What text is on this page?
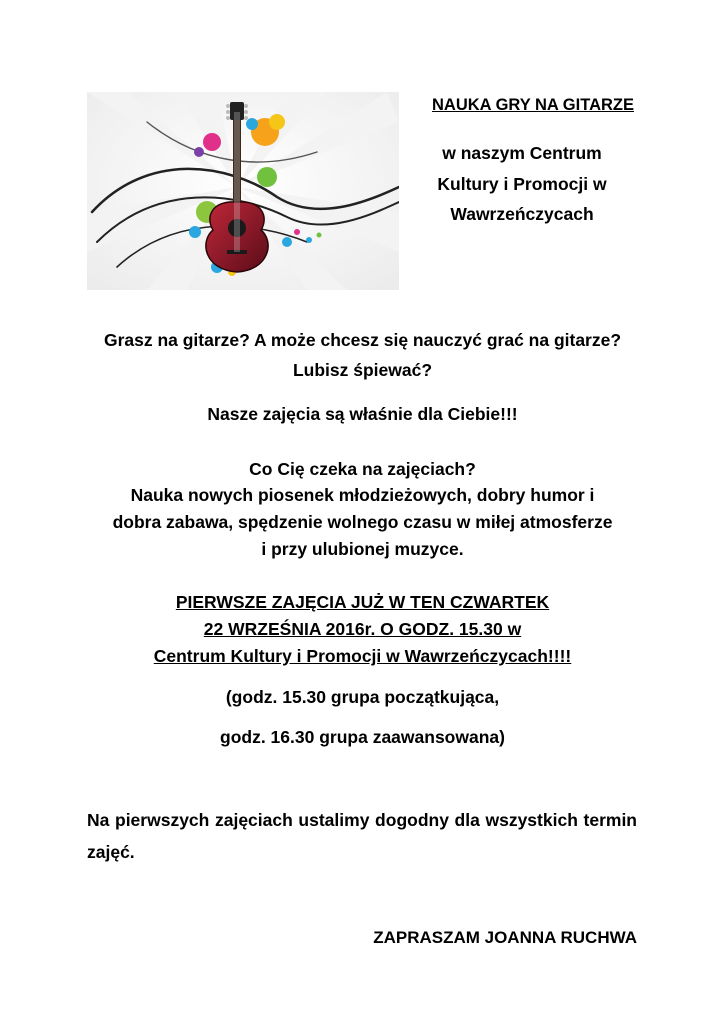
NAUKA GRY NA GITARZE
w naszym Centrum
Kultury i Promocji w
Wawrzeńczycach
Grasz na gitarze? A może chcesz się nauczyć grać na gitarze?
Lubisz śpiewać?
Nasze zajęcia są właśnie dla Ciebie!!!
Co Cię czeka na zajęciach?
Nauka nowych piosenek młodzieżowych, dobry humor i
dobra zabawa, spędzenie wolnego czasu w miłej atmosferze
i przy ulubionej muzyce.
PIERWSZE ZAJĘCIA JUŻ W TEN CZWARTEK
22 WRZEŚNIA 2016r. O GODZ. 15.30 w
Centrum Kultury i Promocji w Wawrzeńczycach!!!!
(godz. 15.30 grupa początkująca,
godz. 16.30 grupa zaawansowana)
Na pierwszych zajęciach ustalimy dogodny dla wszystkich termin zajęć.
ZAPRASZAM JOANNA RUCHWA
